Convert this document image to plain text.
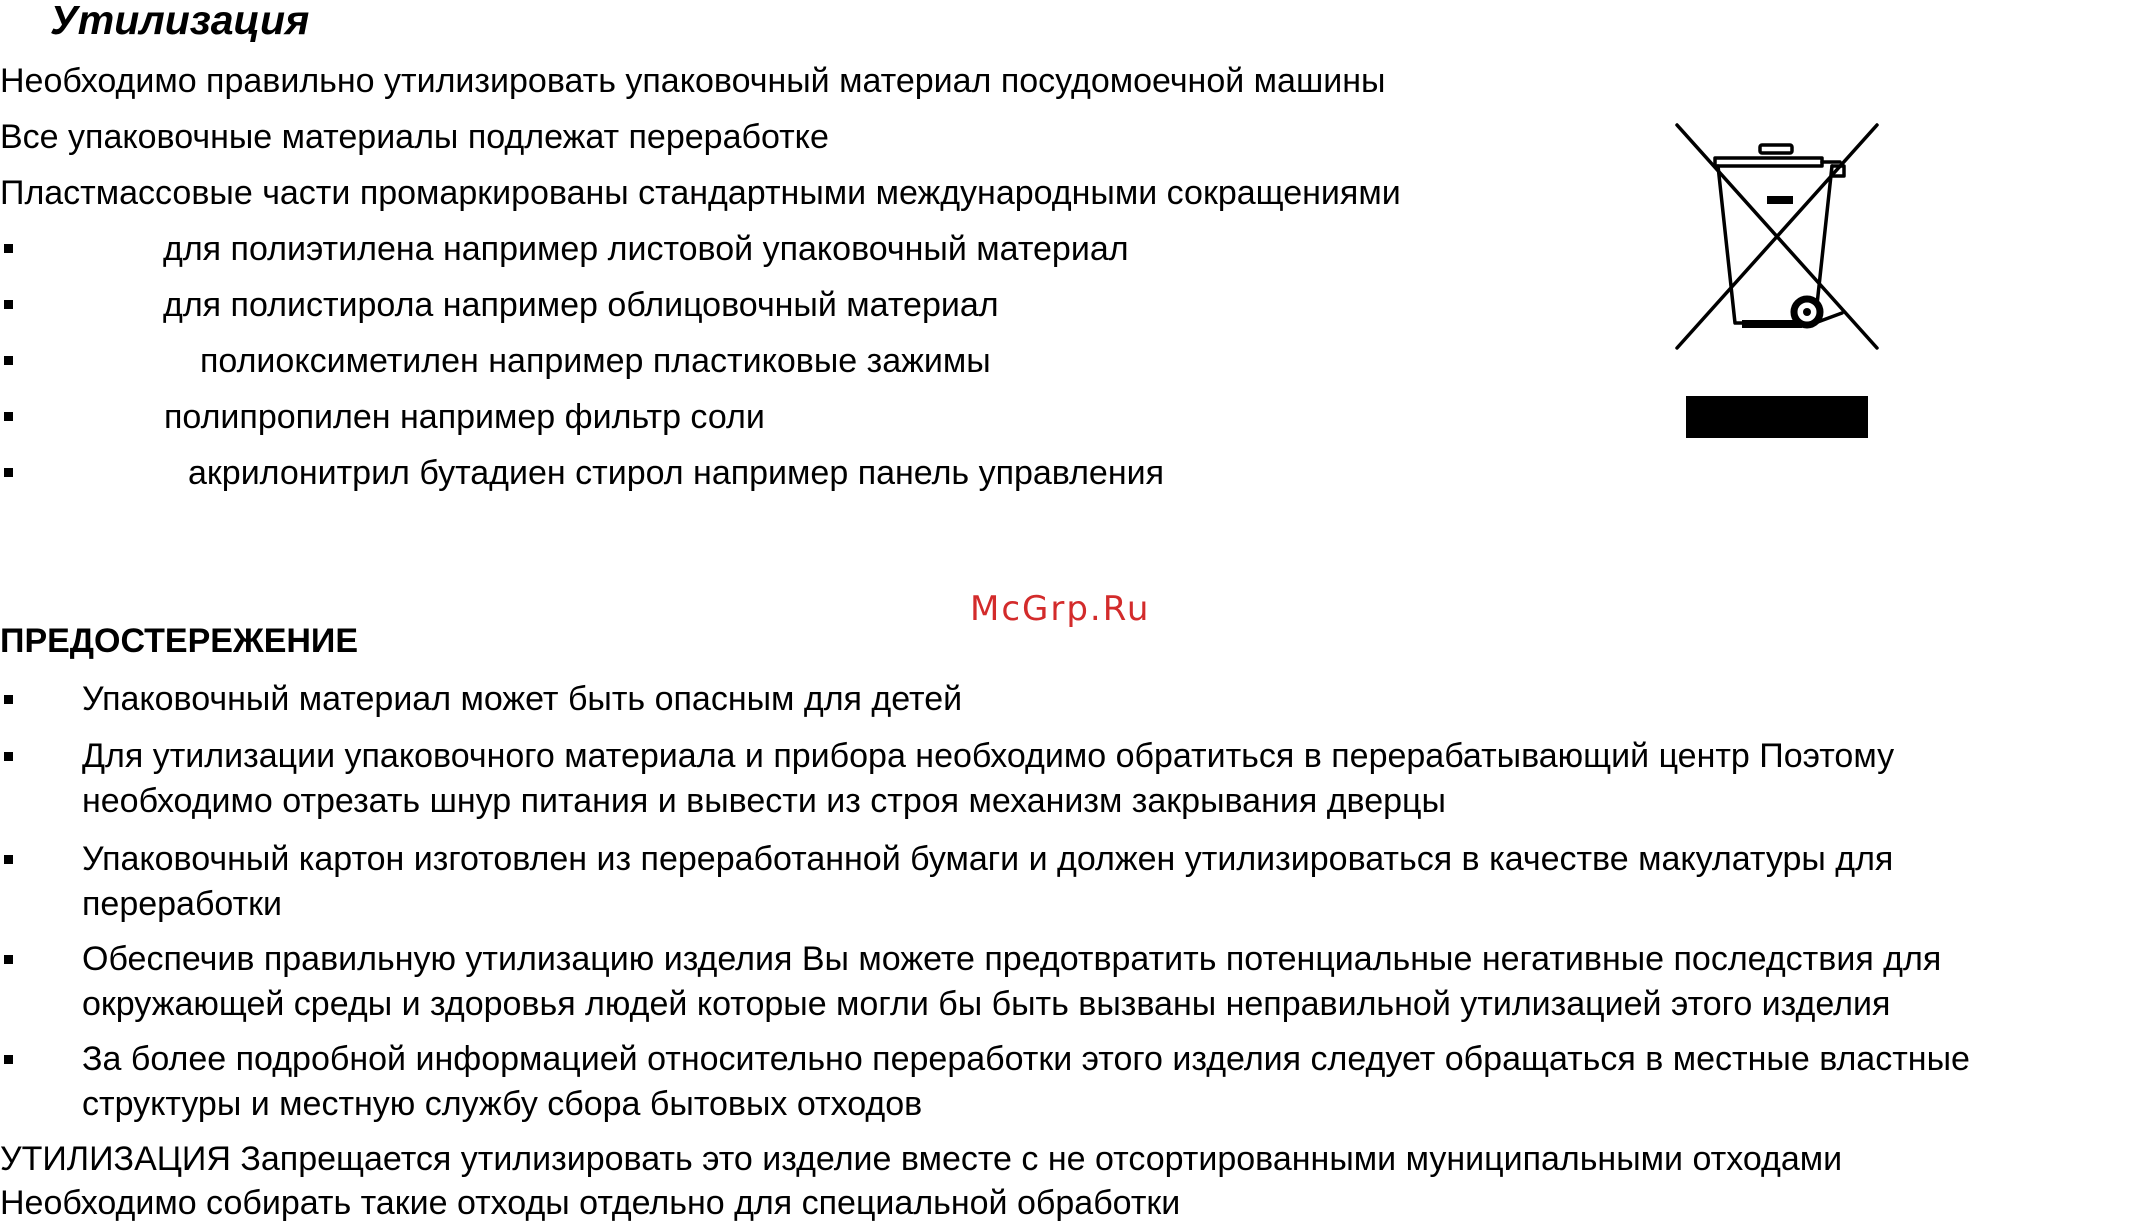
Утилизация
Необходимо правильно утилизировать упаковочный материал посудомоечной машины
Все упаковочные материалы подлежат переработке
Пластмассовые части промаркированы стандартными международными сокращениями
для полиэтилена например листовой упаковочный материал
для полистирола например облицовочный материал
полиоксиметилен например пластиковые зажимы
полипропилен например фильтр соли
акрилонитрил бутадиен стирол например панель управления
McGrp.Ru
ПРЕДОСТЕРЕЖЕНИЕ
Упаковочный материал может быть опасным для детей
Для утилизации упаковочного материала и прибора необходимо обратиться в перерабатывающий центр Поэтому
необходимо отрезать шнур питания и вывести из строя механизм закрывания дверцы
Упаковочный картон изготовлен из переработанной бумаги и должен утилизироваться в качестве макулатуры для
переработки
Обеспечив правильную утилизацию изделия Вы можете предотвратить потенциальные негативные последствия для
окружающей среды и здоровья людей которые могли бы быть вызваны неправильной утилизацией этого изделия
За более подробной информацией относительно переработки этого изделия следует обращаться в местные властные
структуры и местную службу сбора бытовых отходов
УТИЛИЗАЦИЯ Запрещается утилизировать это изделие вместе с не отсортированными муниципальными отходами
Необходимо собирать такие отходы отдельно для специальной обработки
